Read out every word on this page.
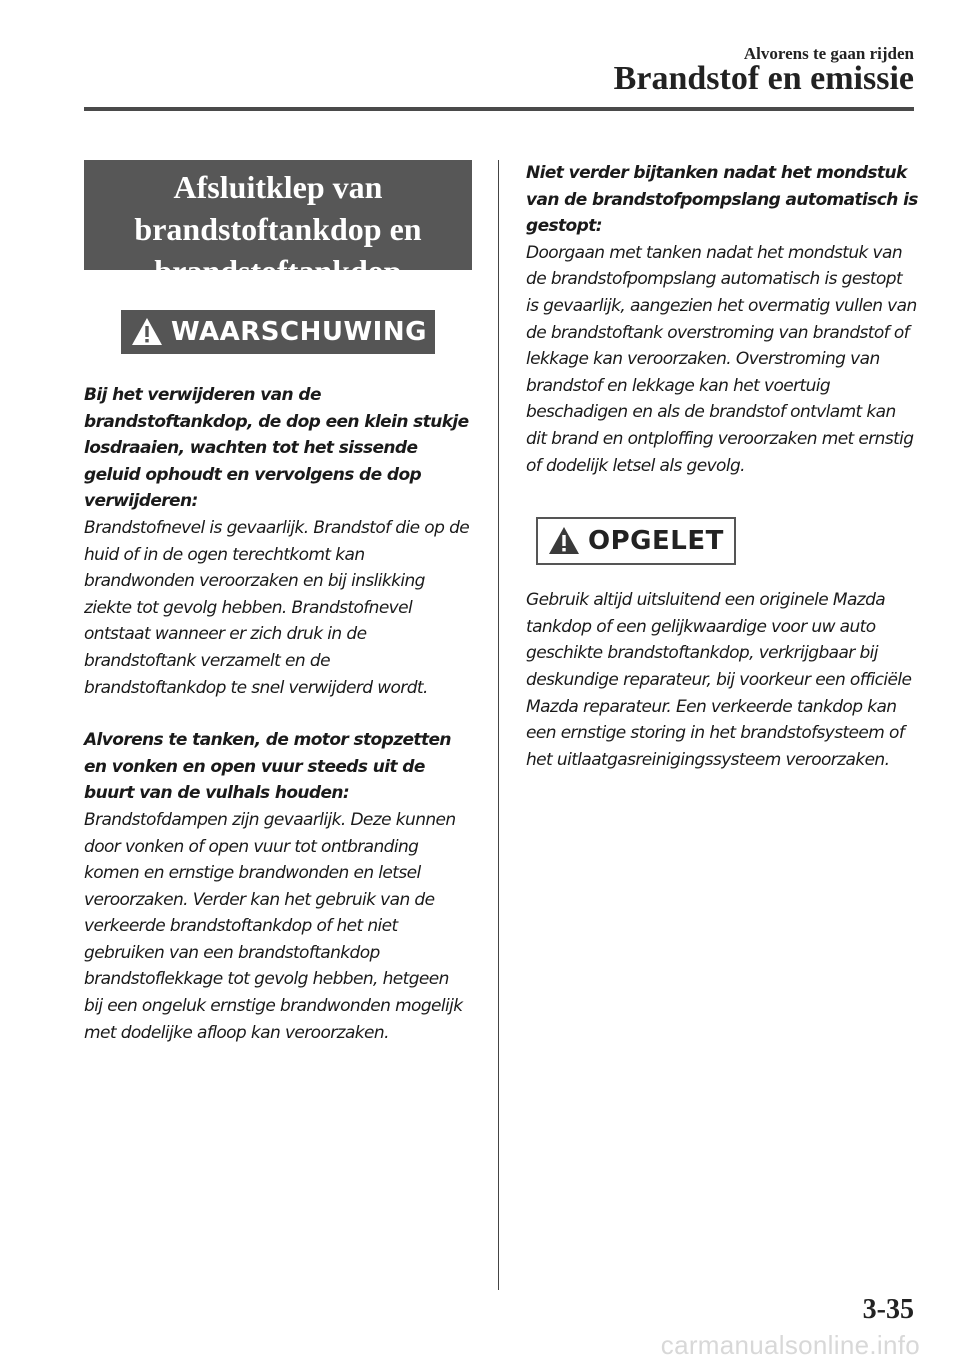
Alvorens te gaan rijden
Brandstof en emissie
Afsluitklep van brandstoftankdop en brandstoftankdop
WAARSCHUWING

Bij het verwijderen van de brandstoftankdop, de dop een klein stukje losdraaien, wachten tot het sissende geluid ophoudt en vervolgens de dop verwijderen:

Brandstofnevel is gevaarlijk. Brandstof die op de huid of in de ogen terechtkomt kan brandwonden veroorzaken en bij inslikking ziekte tot gevolg hebben. Brandstofnevel ontstaat wanneer er zich druk in de brandstoftank verzamelt en de brandstoftankdop te snel verwijderd wordt.

Alvorens te tanken, de motor stopzetten en vonken en open vuur steeds uit de buurt van de vulhals houden:

Brandstofdampen zijn gevaarlijk. Deze kunnen door vonken of open vuur tot ontbranding komen en ernstige brandwonden en letsel veroorzaken. Verder kan het gebruik van de verkeerde brandstoftankdop of het niet gebruiken van een brandstoftankdop brandstoflekkage tot gevolg hebben, hetgeen bij een ongeluk ernstige brandwonden mogelijk met dodelijke afloop kan veroorzaken.

Niet verder bijtanken nadat het mondstuk van de brandstofpompslang automatisch is gestopt:

Doorgaan met tanken nadat het mondstuk van de brandstofpompslang automatisch is gestopt is gevaarlijk, aangezien het overmatig vullen van de brandstoftank overstroming van brandstof of lekkage kan veroorzaken. Overstroming van brandstof en lekkage kan het voertuig beschadigen en als de brandstof ontvlamt kan dit brand en ontploffing veroorzaken met ernstig of dodelijk letsel als gevolg.

OPGELET

Gebruik altijd uitsluitend een originele Mazda tankdop of een gelijkwaardige voor uw auto geschikte brandstoftankdop, verkrijgbaar bij deskundige reparateur, bij voorkeur een officiële Mazda reparateur. Een verkeerde tankdop kan een ernstige storing in het brandstofsysteem of het uitlaatgasreinigingssysteem veroorzaken.

3-35
carmanualsonline.info
